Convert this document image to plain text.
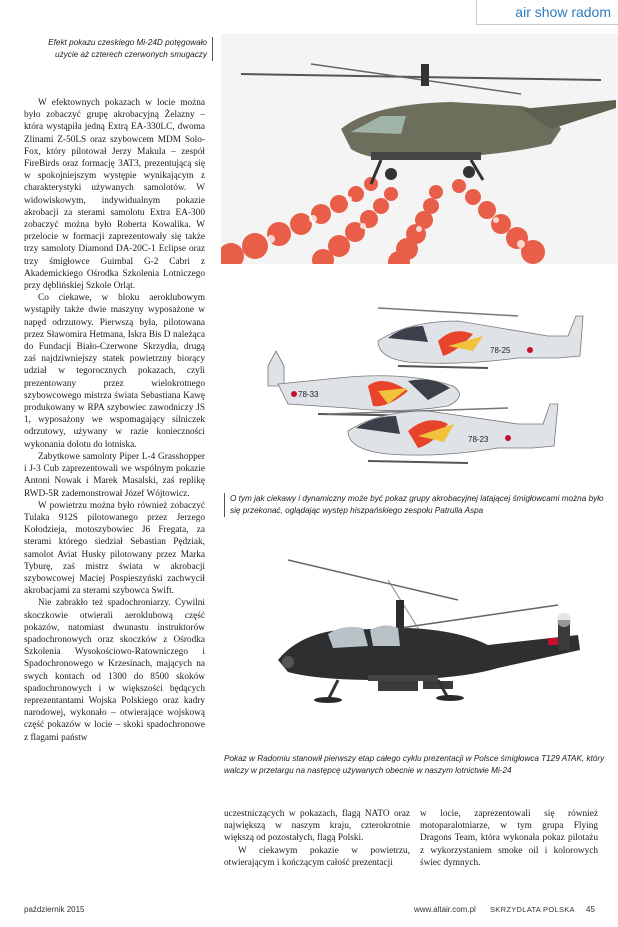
air show radom
Efekt pokazu czeskiego Mi-24D potęgowało użycie aż czterech czerwonych smugaczy
78-25
78-33
78-23
O tym jak ciekawy i dynamiczny może być pokaz grupy akrobacyjnej latającej śmigłowcami można było się przekonać, oglądając występ hiszpańskiego zespołu Patrulla Aspa
Pokaz w Radomiu stanowił pierwszy etap całego cyklu prezentacji w Polsce śmigłowca T129 ATAK, który walczy w przetargu na następcę używanych obecnie w naszym lotnictwie Mi-24

W efektownych pokazach w locie można było zobaczyć grupę akrobacyjną Żelazny – która wystąpiła jedną Extrą EA-330LC, dwoma Zlinami Z-50LS oraz szybowcem MDM Solo-Fox, który pilotował Jerzy Makula – zespół FireBirds oraz formację 3AT3, prezentującą się w spokojniejszym występie wynikającym z charakterystyki używanych samolotów. W widowiskowym, indywidualnym pokazie akrobacji za sterami samolotu Extra EA-300 zobaczyć można było Roberta Kowalika. W przelocie w formacji zaprezentowały się także trzy samoloty Diamond DA-20C-1 Eclipse oraz trzy śmigłowce Guimbal G-2 Cabri z Akademickiego Ośrodka Szkolenia Lotniczego przy dęblińskiej Szkole Orląt.

Co ciekawe, w bloku aeroklubowym wystąpiły także dwie maszyny wyposażone w napęd odrzutowy. Pierwszą była, pilotowana przez Sławomira Hetmana, Iskra Bis D należąca do Fundacji Biało-Czerwone Skrzydła, drugą zaś najdziwniejszy statek powietrzny biorący udział w tegorocznych pokazach, czyli prezentowany przez wielokrotnego szybowcowego mistrza świata Sebastiana Kawę produkowany w RPA szybowiec zawodniczy JS 1, wyposażony we wspomagający silniczek odrzutowy, używany w razie konieczności wykonania dolotu do lotniska.

Zabytkowe samoloty Piper L-4 Grasshopper i J-3 Cub zaprezentowali we wspólnym pokazie Antoni Nowak i Marek Masalski, zaś replikę RWD-5R zademonstrował Józef Wójtowicz.

W powietrzu można było również zobaczyć Tulaka 912S pilotowanego przez Jerzego Kołodzieja, motoszybowiec J6 Fregata, za sterami którego siedział Sebastian Pędziak, samolot Aviat Husky pilotowany przez Marka Tyburę, zaś mistrz świata w akrobacji szybowcowej Maciej Pospieszyński zachwycił akrobacjami za sterami szybowca Swift.

Nie zabrakło też spadochroniarzy. Cywilni skoczkowie otwierali aeroklubową część pokazów, natomiast dwunastu instruktorów spadochronowych oraz skoczków z Ośrodka Szkolenia Wysokościowo-Ratowniczego i Spadochronowego w Krzesinach, mających na swych kontach od 1300 do 8500 skoków spadochronowych i w większości będących reprezentantami Wojska Polskiego oraz kadry narodowej, wykonało – otwierające wojskową część pokazów w locie – skoki spadochronowe z flagami państw

uczestniczących w pokazach, flagą NATO oraz największą w naszym kraju, czterokrotnie większą od pozostałych, flagą Polski.

W ciekawym pokazie w powietrzu, otwierającym i kończącym całość prezentacji

w locie, zaprezentowali się również motoparalotniarze, w tym grupa Flying Dragons Team, która wykonała pokaz pilotażu z wykorzystaniem smoke oil i kolorowych świec dymnych.

październik 2015	www.altair.com.pl SKRZYDLATA POLSKA 45
